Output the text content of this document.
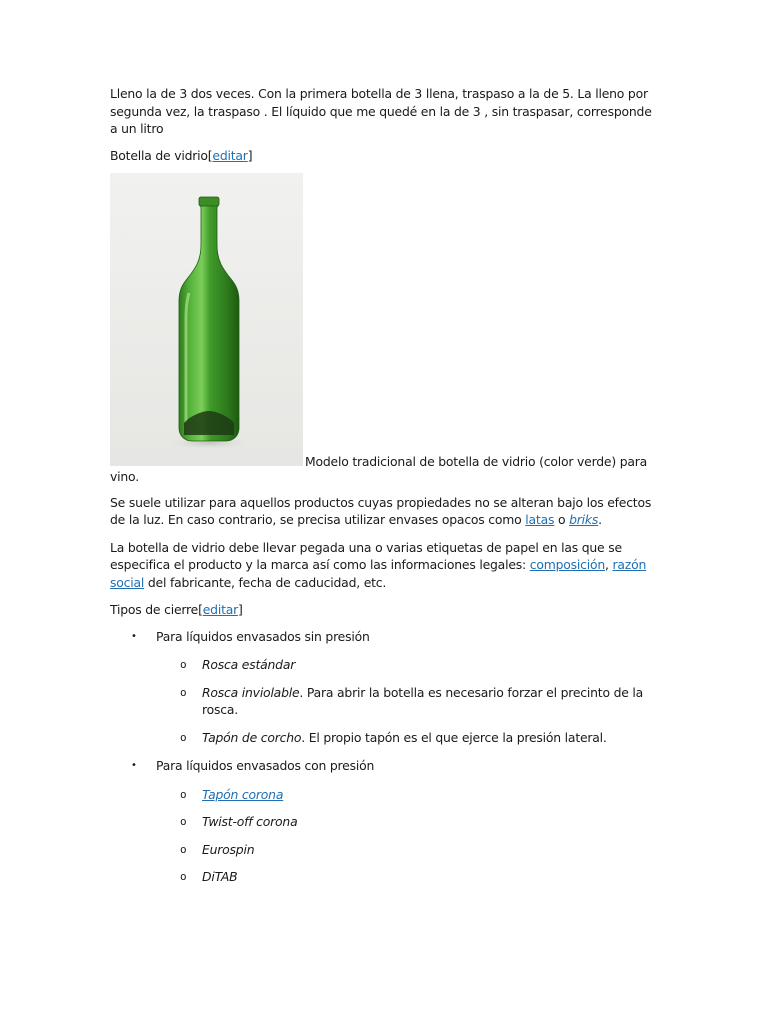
Lleno la de 3 dos veces. Con la primera botella de 3 llena, traspaso a la de 5. La lleno por segunda vez, la traspaso . El líquido que me quedé en la de 3 , sin traspasar, corresponde a un litro

Botella de vidrio[editar]

Modelo tradicional de botella de vidrio (color verde) para

vino.

Se suele utilizar para aquellos productos cuyas propiedades no se alteran bajo los efectos de la luz. En caso contrario, se precisa utilizar envases opacos como latas o briks.

La botella de vidrio debe llevar pegada una o varias etiquetas de papel en las que se especifica el producto y la marca así como las informaciones legales: composición, razón social del fabricante, fecha de caducidad, etc.

Tipos de cierre[editar]

• Para líquidos envasados sin presión
o Rosca estándar
o Rosca inviolable. Para abrir la botella es necesario forzar el precinto de la rosca.
o Tapón de corcho. El propio tapón es el que ejerce la presión lateral.
• Para líquidos envasados con presión
o Tapón corona
o Twist-off corona
o Eurospin
o DiTAB
